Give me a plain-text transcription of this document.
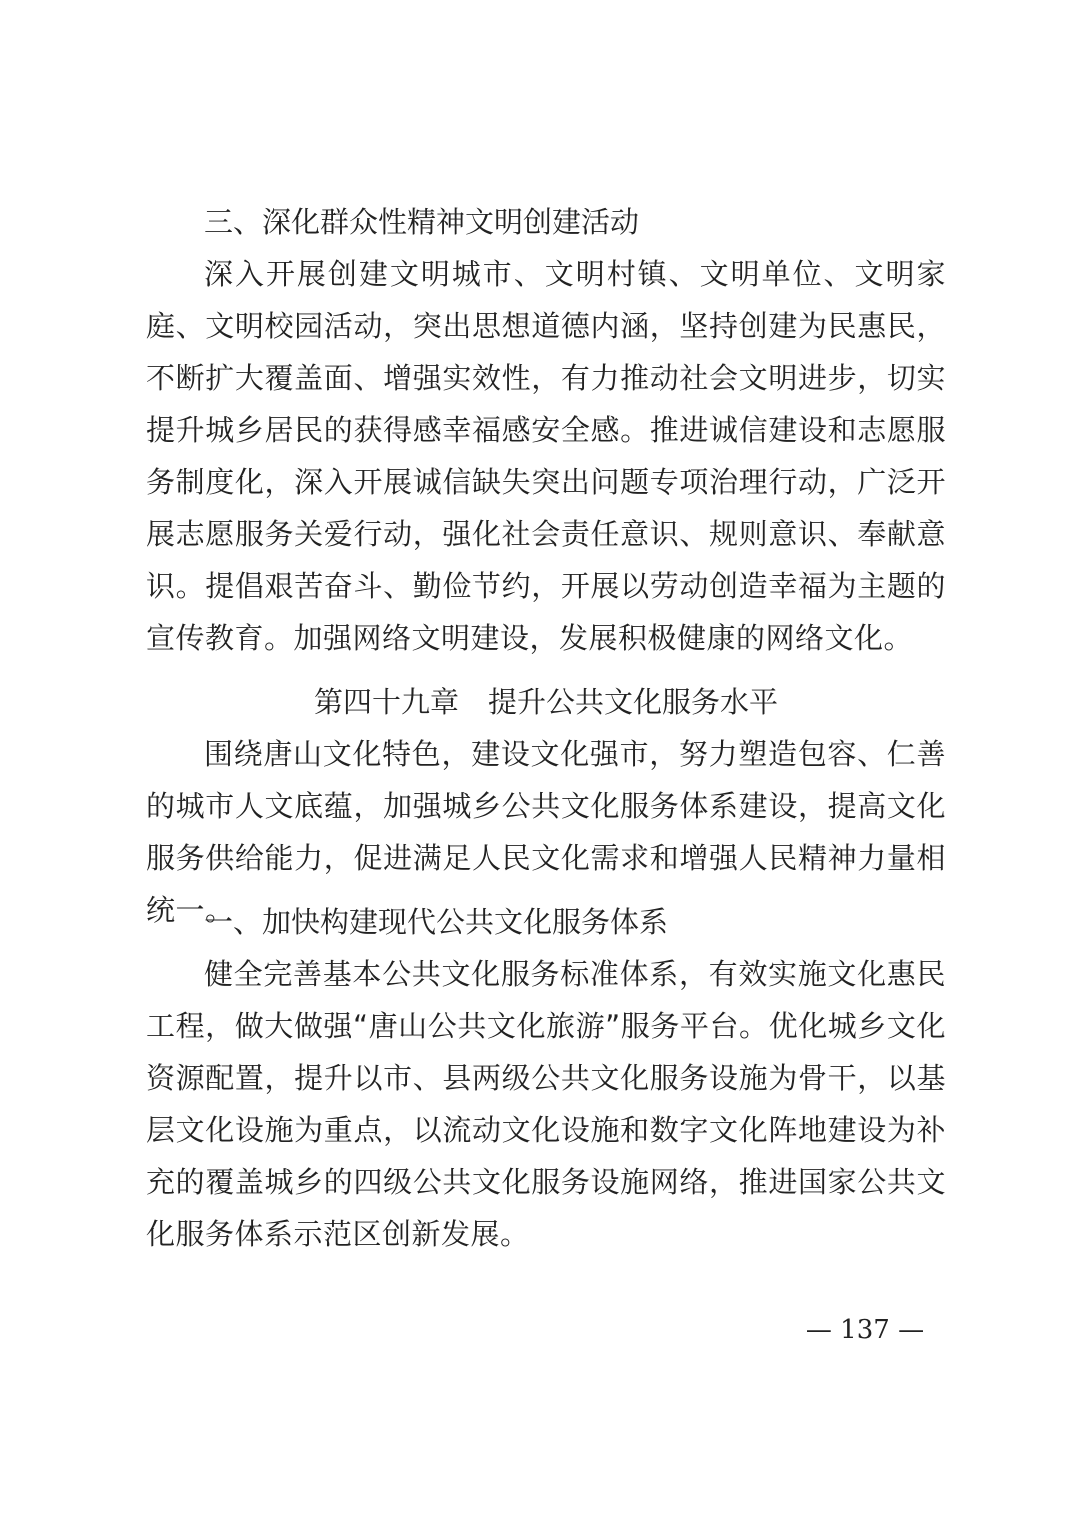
三、深化群众性精神文明创建活动

深入开展创建文明城市、文明村镇、文明单位、文明家庭、文明校园活动，突出思想道德内涵，坚持创建为民惠民，不断扩大覆盖面、增强实效性，有力推动社会文明进步，切实提升城乡居民的获得感幸福感安全感。推进诚信建设和志愿服务制度化，深入开展诚信缺失突出问题专项治理行动，广泛开展志愿服务关爱行动，强化社会责任意识、规则意识、奉献意识。提倡艰苦奋斗、勤俭节约，开展以劳动创造幸福为主题的宣传教育。加强网络文明建设，发展积极健康的网络文化。

第四十九章　提升公共文化服务水平

围绕唐山文化特色，建设文化强市，努力塑造包容、仁善的城市人文底蕴，加强城乡公共文化服务体系建设，提高文化服务供给能力，促进满足人民文化需求和增强人民精神力量相统一。

一、加快构建现代公共文化服务体系

健全完善基本公共文化服务标准体系，有效实施文化惠民工程，做大做强“唐山公共文化旅游”服务平台。优化城乡文化资源配置，提升以市、县两级公共文化服务设施为骨干，以基层文化设施为重点，以流动文化设施和数字文化阵地建设为补充的覆盖城乡的四级公共文化服务设施网络，推进国家公共文化服务体系示范区创新发展。

— 137 —
